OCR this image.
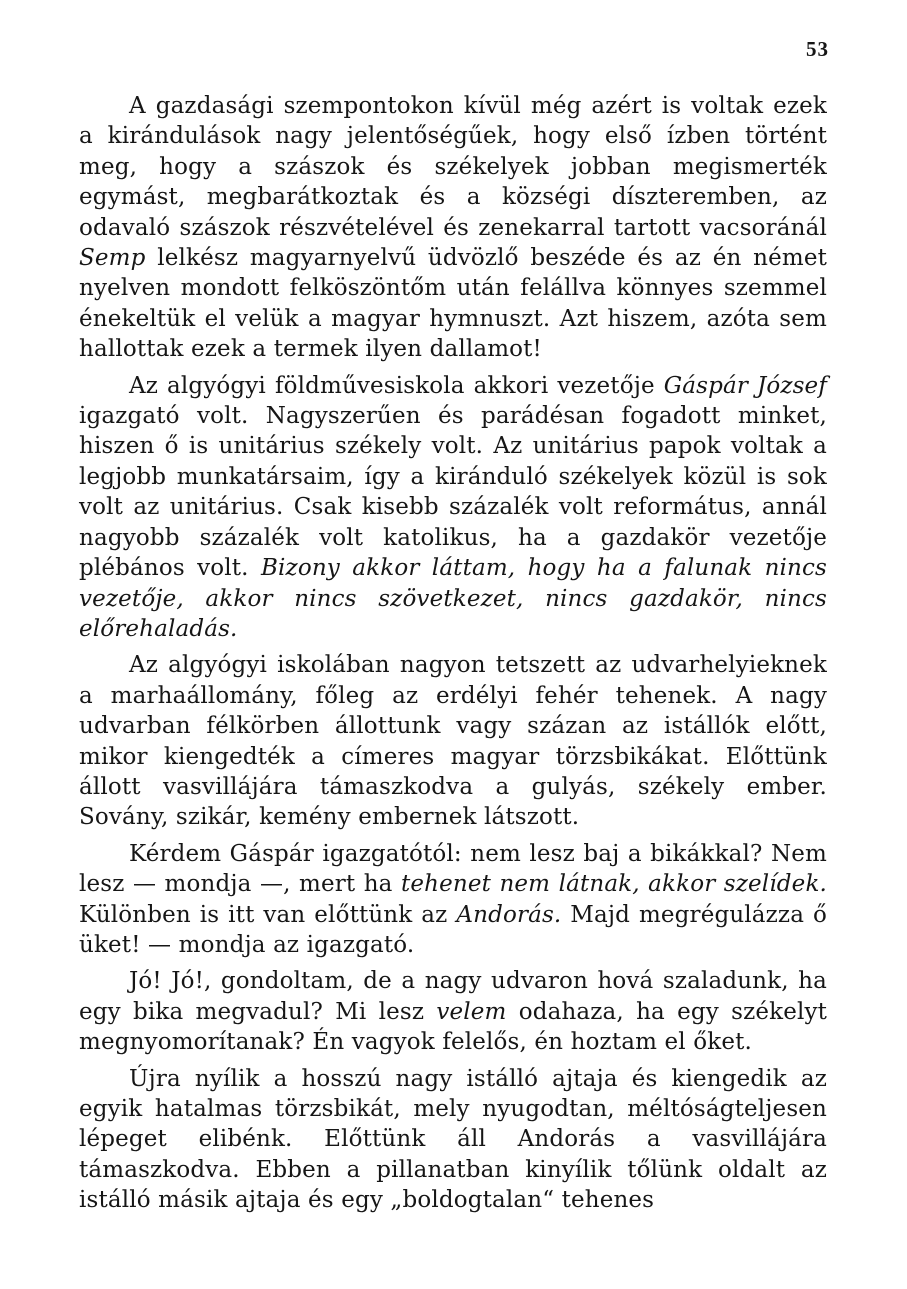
53

A gazdasági szempontokon kívül még azért is voltak ezek a kirándulások nagy jelentőségűek, hogy első ízben történt meg, hogy a szászok és székelyek jobban megismerték egymást, megbarátkoztak és a községi díszteremben, az odavaló szászok részvételével és zenekarral tartott vacsoránál Semp lelkész magyarnyelvű üdvözlő beszéde és az én német nyelven mondott felköszöntőm után felállva könnyes szemmel énekeltük el velük a magyar hymnuszt. Azt hiszem, azóta sem hallottak ezek a termek ilyen dallamot!

Az algyógyi földművesiskola akkori vezetője Gáspár József igazgató volt. Nagyszerűen és parádésan fogadott minket, hiszen ő is unitárius székely volt. Az unitárius papok voltak a legjobb munkatársaim, így a kiránduló székelyek közül is sok volt az unitárius. Csak kisebb százalék volt református, annál nagyobb százalék volt katolikus, ha a gazdakör vezetője plébános volt. Bizony akkor láttam, hogy ha a falunak nincs vezetője, akkor nincs szövetkezet, nincs gazdakör, nincs előrehaladás.

Az algyógyi iskolában nagyon tetszett az udvarhelyieknek a marhaállomány, főleg az erdélyi fehér tehenek. A nagy udvarban félkörben állottunk vagy százan az istállók előtt, mikor kiengedték a címeres magyar törzsbikákat. Előttünk állott vasvillájára támaszkodva a gulyás, székely ember. Sovány, szikár, kemény embernek látszott.

Kérdem Gáspár igazgatótól: nem lesz baj a bikákkal? Nem lesz — mondja —, mert ha tehenet nem látnak, akkor szelídek. Különben is itt van előttünk az Andorás. Majd megrégulázza ő üket! — mondja az igazgató.

Jó! Jó!, gondoltam, de a nagy udvaron hová szaladunk, ha egy bika megvadul? Mi lesz velem odahaza, ha egy székelyt megnyomorítanak? Én vagyok felelős, én hoztam el őket.

Újra nyílik a hosszú nagy istálló ajtaja és kiengedik az egyik hatalmas törzsbikát, mely nyugodtan, méltóságteljesen lépeget elibénk. Előttünk áll Andorás a vasvillájára támaszkodva. Ebben a pillanatban kinyílik tőlünk oldalt az istálló másik ajtaja és egy „boldogtalan“ tehenes
